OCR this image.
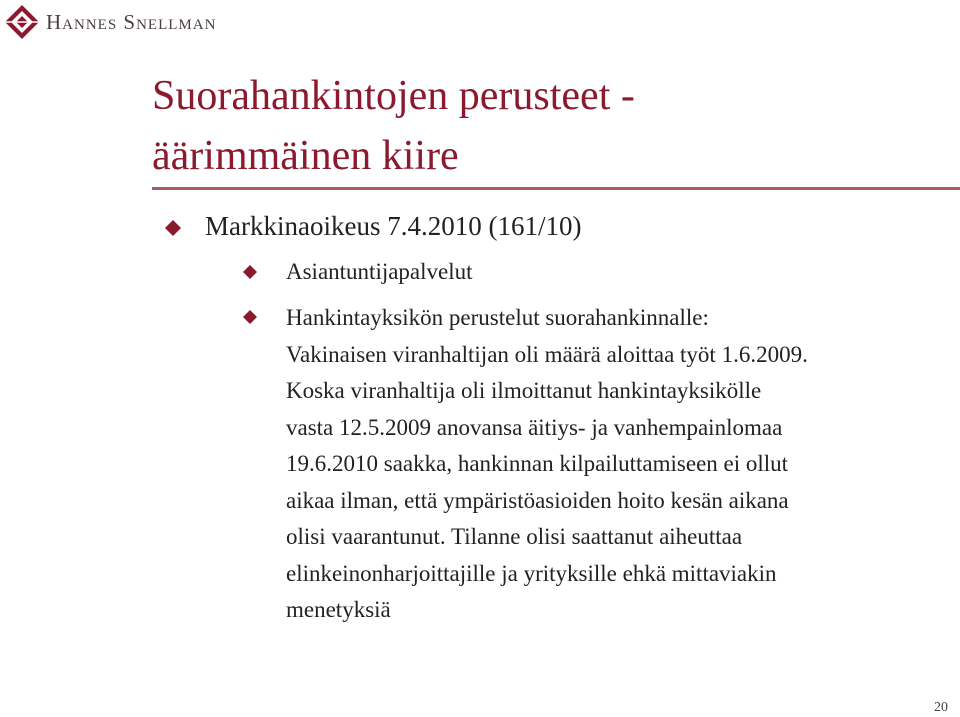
Hannes Snellman
Suorahankintojen perusteet -
äärimmäinen kiire
Markkinaoikeus 7.4.2010 (161/10)
Asiantuntijapalvelut
Hankintayksikön perustelut suorahankinnalle:
Vakinaisen viranhaltijan oli määrä aloittaa työt 1.6.2009.
Koska viranhaltija oli ilmoittanut hankintayksikölle
vasta 12.5.2009 anovansa äitiys- ja vanhempainlomaa
19.6.2010 saakka, hankinnan kilpailuttamiseen ei ollut
aikaa ilman, että ympäristöasioiden hoito kesän aikana
olisi vaarantunut. Tilanne olisi saattanut aiheuttaa
elinkeinonharjoittajille ja yrityksille ehkä mittaviakin
menetyksiä
20
